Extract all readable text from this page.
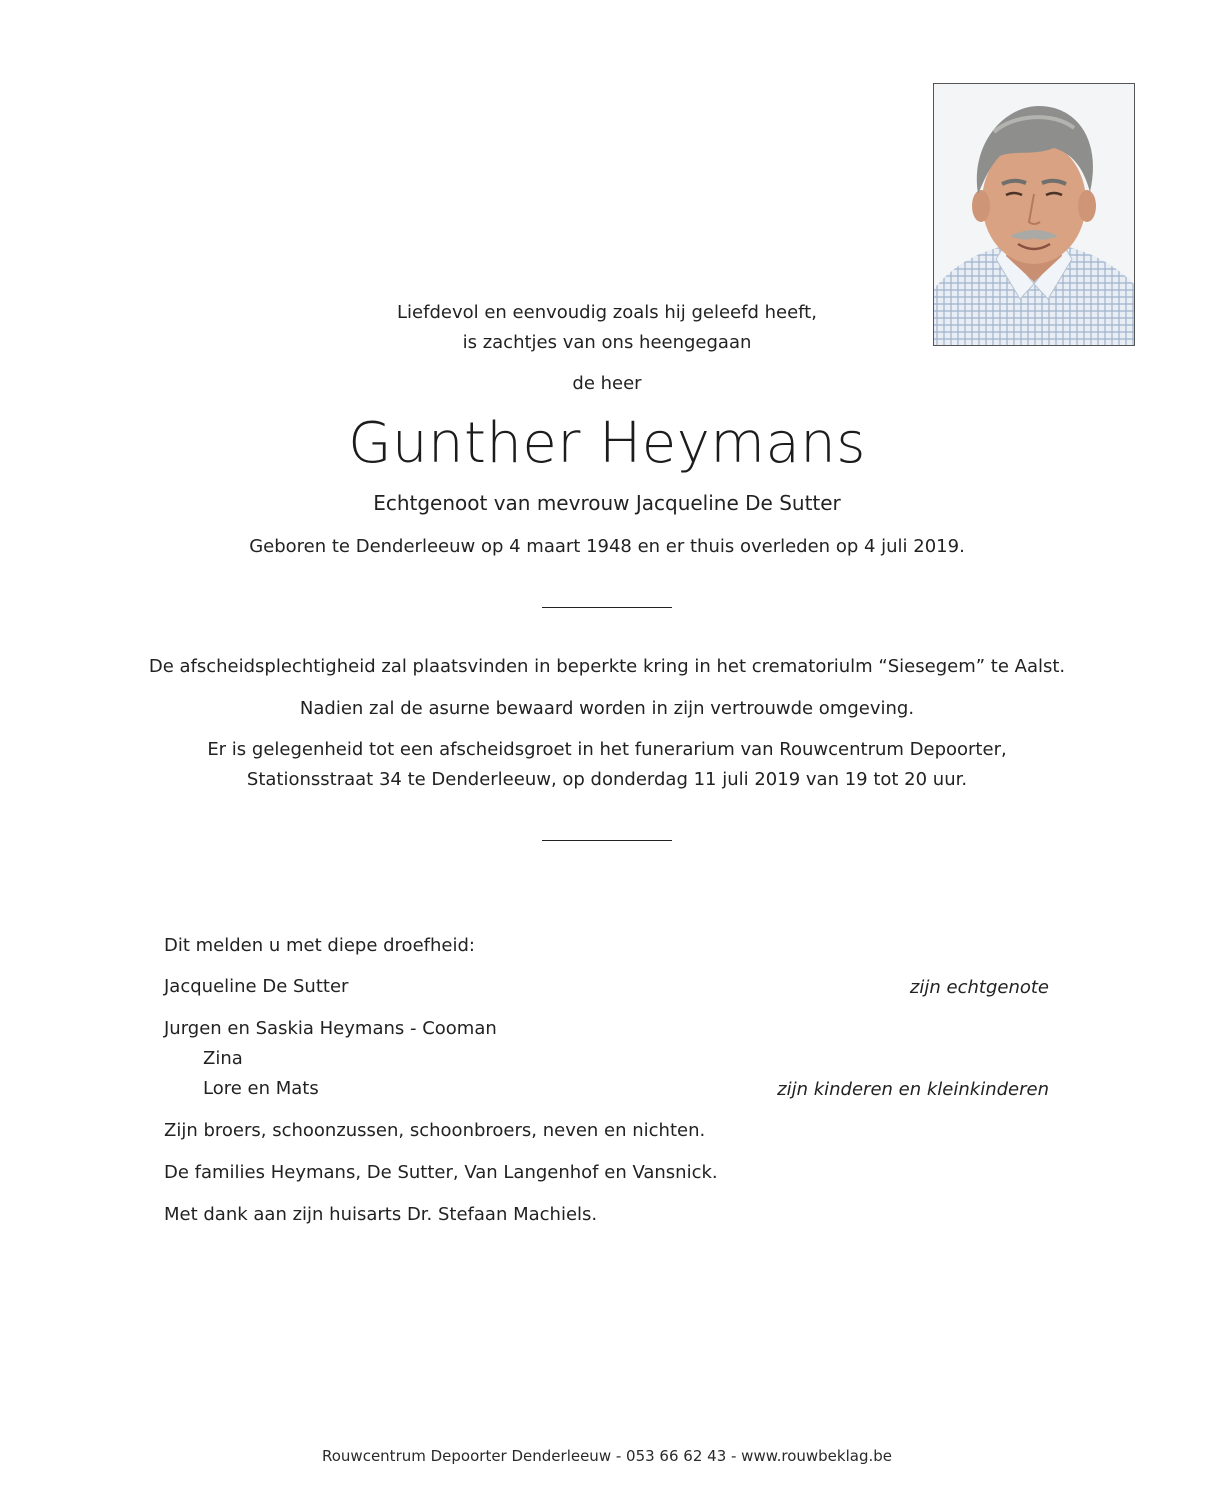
Liefdevol en eenvoudig zoals hij geleefd heeft,
is zachtjes van ons heengegaan
de heer
Gunther Heymans
Echtgenoot van mevrouw Jacqueline De Sutter
Geboren te Denderleeuw op 4 maart 1948 en er thuis overleden op 4 juli 2019.
De afscheidsplechtigheid zal plaatsvinden in beperkte kring in het crematoriulm “Siesegem” te Aalst.
Nadien zal de asurne bewaard worden in zijn vertrouwde omgeving.
Er is gelegenheid tot een afscheidsgroet in het funerarium van Rouwcentrum Depoorter,
Stationsstraat 34 te Denderleeuw, op donderdag 11 juli 2019 van 19 tot 20 uur.
Dit melden u met diepe droefheid:
Jacqueline De Sutter	zijn echtgenote
Jurgen en Saskia Heymans - Cooman
Zina
Lore en Mats	zijn kinderen en kleinkinderen
Zijn broers, schoonzussen, schoonbroers, neven en nichten.
De families Heymans, De Sutter, Van Langenhof en Vansnick.
Met dank aan zijn huisarts Dr. Stefaan Machiels.
Rouwcentrum Depoorter Denderleeuw - 053 66 62 43 - www.rouwbeklag.be
